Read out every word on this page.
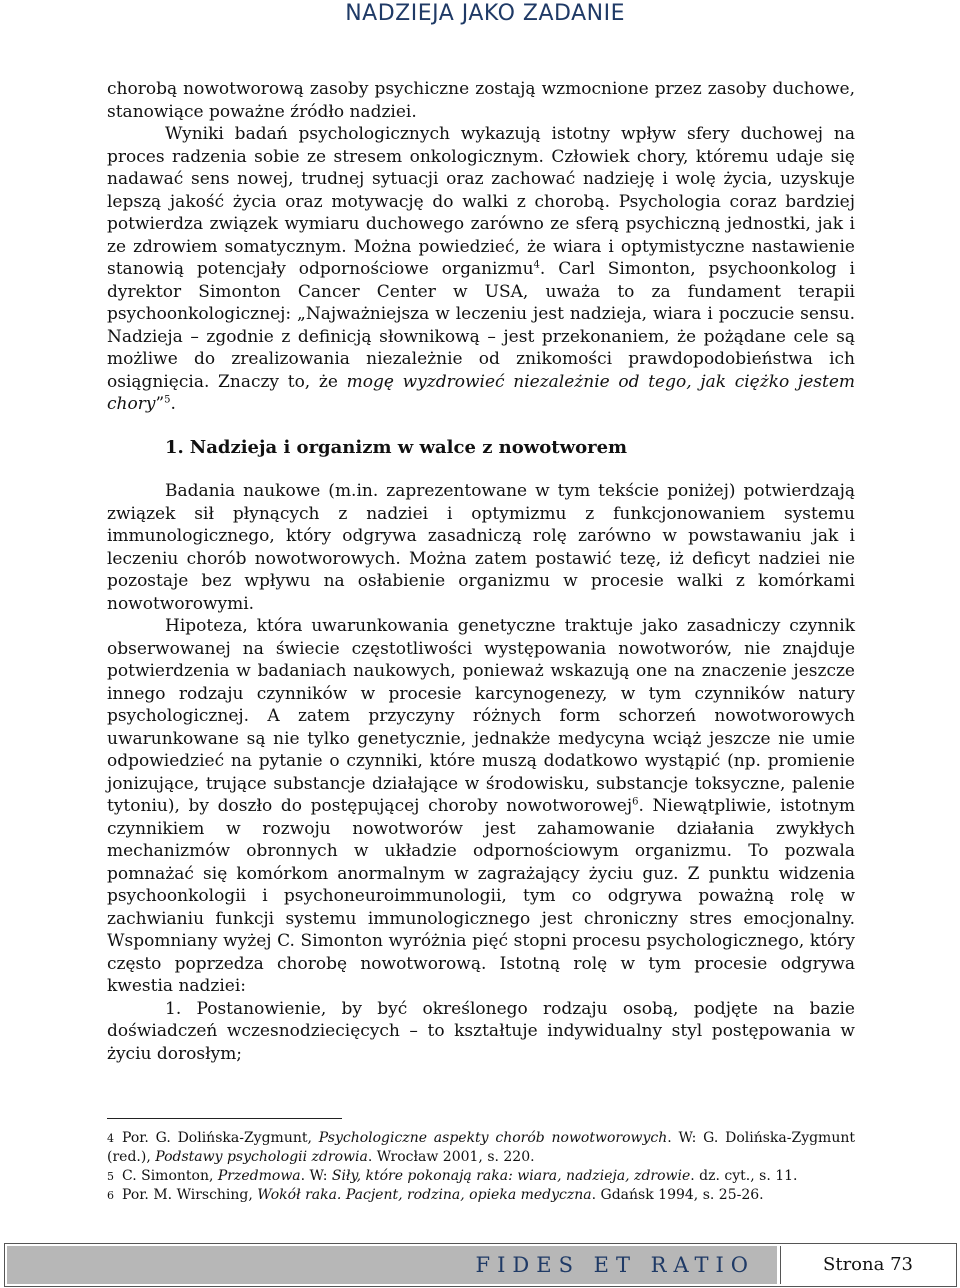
NADZIEJA JAKO ZADANIE

chorobą nowotworową zasoby psychiczne zostają wzmocnione przez zasoby duchowe, stanowiące poważne źródło nadziei.

Wyniki badań psychologicznych wykazują istotny wpływ sfery duchowej na proces radzenia sobie ze stresem onkologicznym. Człowiek chory, któremu udaje się nadawać sens nowej, trudnej sytuacji oraz zachować nadzieję i wolę życia, uzyskuje lepszą jakość życia oraz motywację do walki z chorobą. Psychologia coraz bardziej potwierdza związek wymiaru duchowego zarówno ze sferą psychiczną jednostki, jak i ze zdrowiem somatycznym. Można powiedzieć, że wiara i optymistyczne nastawienie stanowią potencjały odpornościowe organizmu$^4$. Carl Simonton, psychoonkolog i dyrektor Simonton Cancer Center w USA, uważa to za fundament terapii psychoonkologicznej: „Najważniejsza w leczeniu jest nadzieja, wiara i poczucie sensu. Nadzieja – zgodnie z definicją słownikową – jest przekonaniem, że pożądane cele są możliwe do zrealizowania niezależnie od znikomości prawdopodobieństwa ich osiągnięcia. Znaczy to, że mogę wyzdrowieć niezależnie od tego, jak ciężko jestem chory”$^5$.

1. Nadzieja i organizm w walce z nowotworem

Badania naukowe (m.in. zaprezentowane w tym tekście poniżej) potwierdzają związek sił płynących z nadziei i optymizmu z funkcjonowaniem systemu immunologicznego, który odgrywa zasadniczą rolę zarówno w powstawaniu jak i leczeniu chorób nowotworowych. Można zatem postawić tezę, iż deficyt nadziei nie pozostaje bez wpływu na osłabienie organizmu w procesie walki z komórkami nowotworowymi.

Hipoteza, która uwarunkowania genetyczne traktuje jako zasadniczy czynnik obserwowanej na świecie częstotliwości występowania nowotworów, nie znajduje potwierdzenia w badaniach naukowych, ponieważ wskazują one na znaczenie jeszcze innego rodzaju czynników w procesie karcynogenezy, w tym czynników natury psychologicznej. A zatem przyczyny różnych form schorzeń nowotworowych uwarunkowane są nie tylko genetycznie, jednakże medycyna wciąż jeszcze nie umie odpowiedzieć na pytanie o czynniki, które muszą dodatkowo wystąpić (np. promienie jonizujące, trujące substancje działające w środowisku, substancje toksyczne, palenie tytoniu), by doszło do postępującej choroby nowotworowej$^6$. Niewątpliwie, istotnym czynnikiem w rozwoju nowotworów jest zahamowanie działania zwykłych mechanizmów obronnych w układzie odpornościowym organizmu. To pozwala pomnażać się komórkom anormalnym w zagrażający życiu guz. Z punktu widzenia psychoonkologii i psychoneuroimmunologii, tym co odgrywa poważną rolę w zachwianiu funkcji systemu immunologicznego jest chroniczny stres emocjonalny. Wspomniany wyżej C. Simonton wyróżnia pięć stopni procesu psychologicznego, który często poprzedza chorobę nowotworową. Istotną rolę w tym procesie odgrywa kwestia nadziei:

1. Postanowienie, by być określonego rodzaju osobą, podjęte na bazie doświadczeń wczesnodziecięcych – to kształtuje indywidualny styl postępowania w życiu dorosłym;

4 Por. G. Dolińska-Zygmunt, Psychologiczne aspekty chorób nowotworowych. W: G. Dolińska-Zygmunt (red.), Podstawy psychologii zdrowia. Wrocław 2001, s. 220.
5 C. Simonton, Przedmowa. W: Siły, które pokonają raka: wiara, nadzieja, zdrowie. dz. cyt., s. 11.
6 Por. M. Wirsching, Wokół raka. Pacjent, rodzina, opieka medyczna. Gdańsk 1994, s. 25-26.
FIDES ET RATIO	Strona 73
